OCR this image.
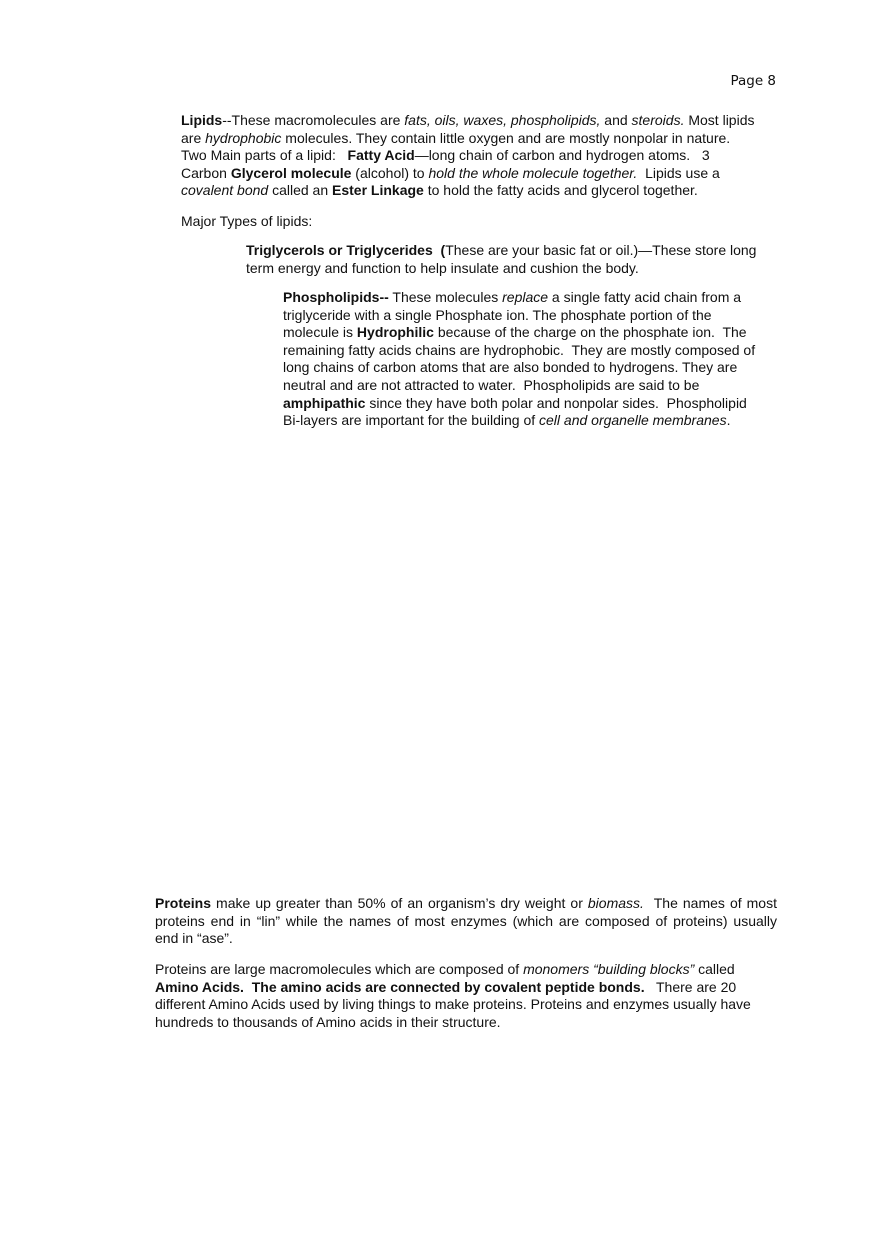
Page 8
Lipids--These macromolecules are fats, oils, waxes, phospholipids, and steroids. Most lipids
are hydrophobic molecules. They contain little oxygen and are mostly nonpolar in nature.
Two Main parts of a lipid:   Fatty Acid—long chain of carbon and hydrogen atoms.   3
Carbon Glycerol molecule (alcohol) to hold the whole molecule together.  Lipids use a
covalent bond called an Ester Linkage to hold the fatty acids and glycerol together.
Major Types of lipids:
Triglycerols or Triglycerides  (These are your basic fat or oil.)—These store long
term energy and function to help insulate and cushion the body.
Phospholipids-- These molecules replace a single fatty acid chain from a
triglyceride with a single Phosphate ion. The phosphate portion of the
molecule is Hydrophilic because of the charge on the phosphate ion.  The
remaining fatty acids chains are hydrophobic.  They are mostly composed of
long chains of carbon atoms that are also bonded to hydrogens. They are
neutral and are not attracted to water.  Phospholipids are said to be
amphipathic since they have both polar and nonpolar sides.  Phospholipid
Bi-layers are important for the building of cell and organelle membranes.
Proteins make up greater than 50% of an organism’s dry weight or biomass.  The names of most
proteins end in “lin” while the names of most enzymes (which are composed of proteins) usually
end in “ase”.
Proteins are large macromolecules which are composed of monomers “building blocks” called
Amino Acids.  The amino acids are connected by covalent peptide bonds.   There are 20
different Amino Acids used by living things to make proteins. Proteins and enzymes usually have
hundreds to thousands of Amino acids in their structure.
